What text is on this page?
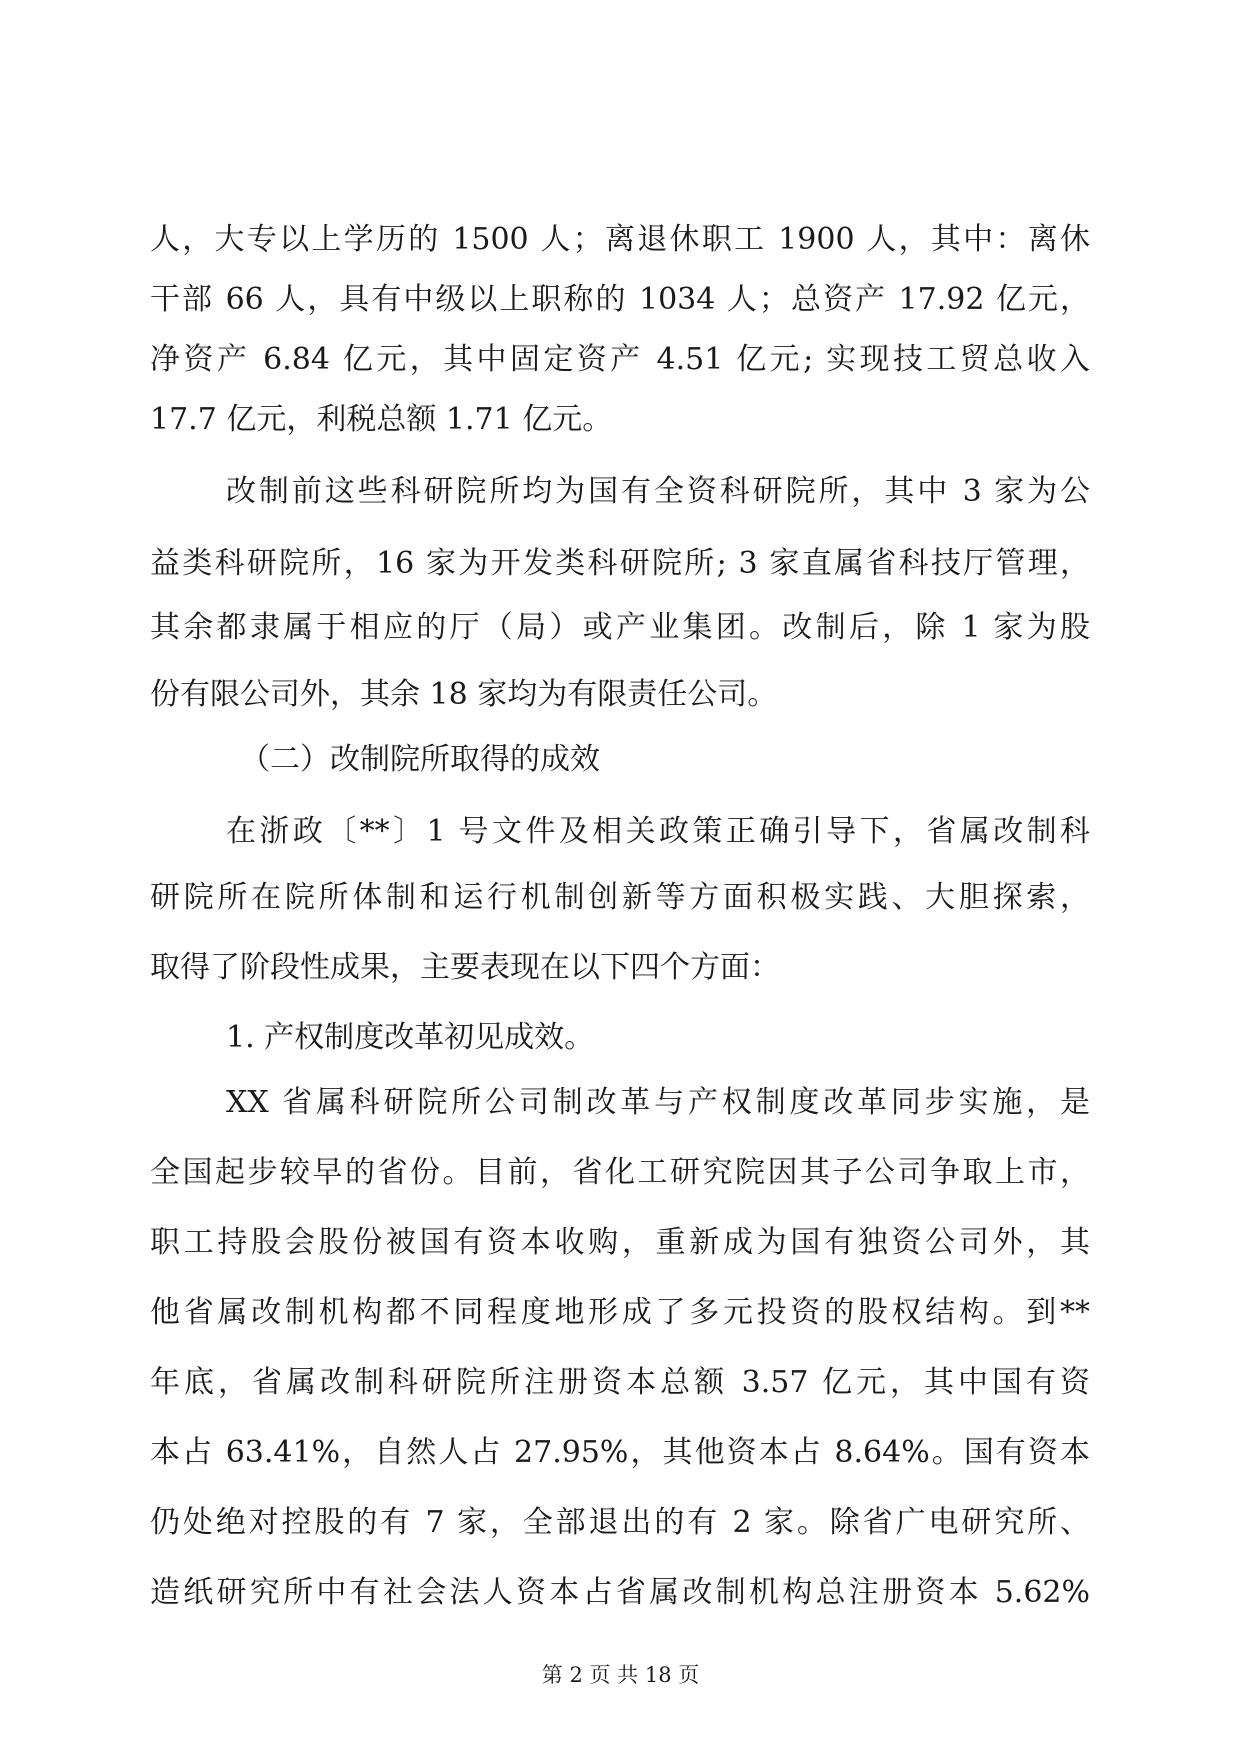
人，大专以上学历的 1500 人；离退休职工 1900 人，其中：离休
干部 66 人，具有中级以上职称的 1034 人；总资产 17.92 亿元，
净资产 6.84 亿元，其中固定资产 4.51 亿元; 实现技工贸总收入
17.7 亿元，利税总额 1.71 亿元。
改制前这些科研院所均为国有全资科研院所，其中 3 家为公
益类科研院所，16 家为开发类科研院所; 3 家直属省科技厅管理，
其余都隶属于相应的厅（局）或产业集团。改制后，除 1 家为股
份有限公司外，其余 18 家均为有限责任公司。
（二）改制院所取得的成效
在浙政〔**〕1 号文件及相关政策正确引导下，省属改制科
研院所在院所体制和运行机制创新等方面积极实践、大胆探索，
取得了阶段性成果，主要表现在以下四个方面：
1. 产权制度改革初见成效。
XX 省属科研院所公司制改革与产权制度改革同步实施，是
全国起步较早的省份。目前，省化工研究院因其子公司争取上市，
职工持股会股份被国有资本收购，重新成为国有独资公司外，其
他省属改制机构都不同程度地形成了多元投资的股权结构。到**
年底，省属改制科研院所注册资本总额 3.57 亿元，其中国有资
本占 63.41%，自然人占 27.95%，其他资本占 8.64%。国有资本
仍处绝对控股的有 7 家，全部退出的有 2 家。除省广电研究所、
造纸研究所中有社会法人资本占省属改制机构总注册资本 5.62%
第 2 页 共 18 页
